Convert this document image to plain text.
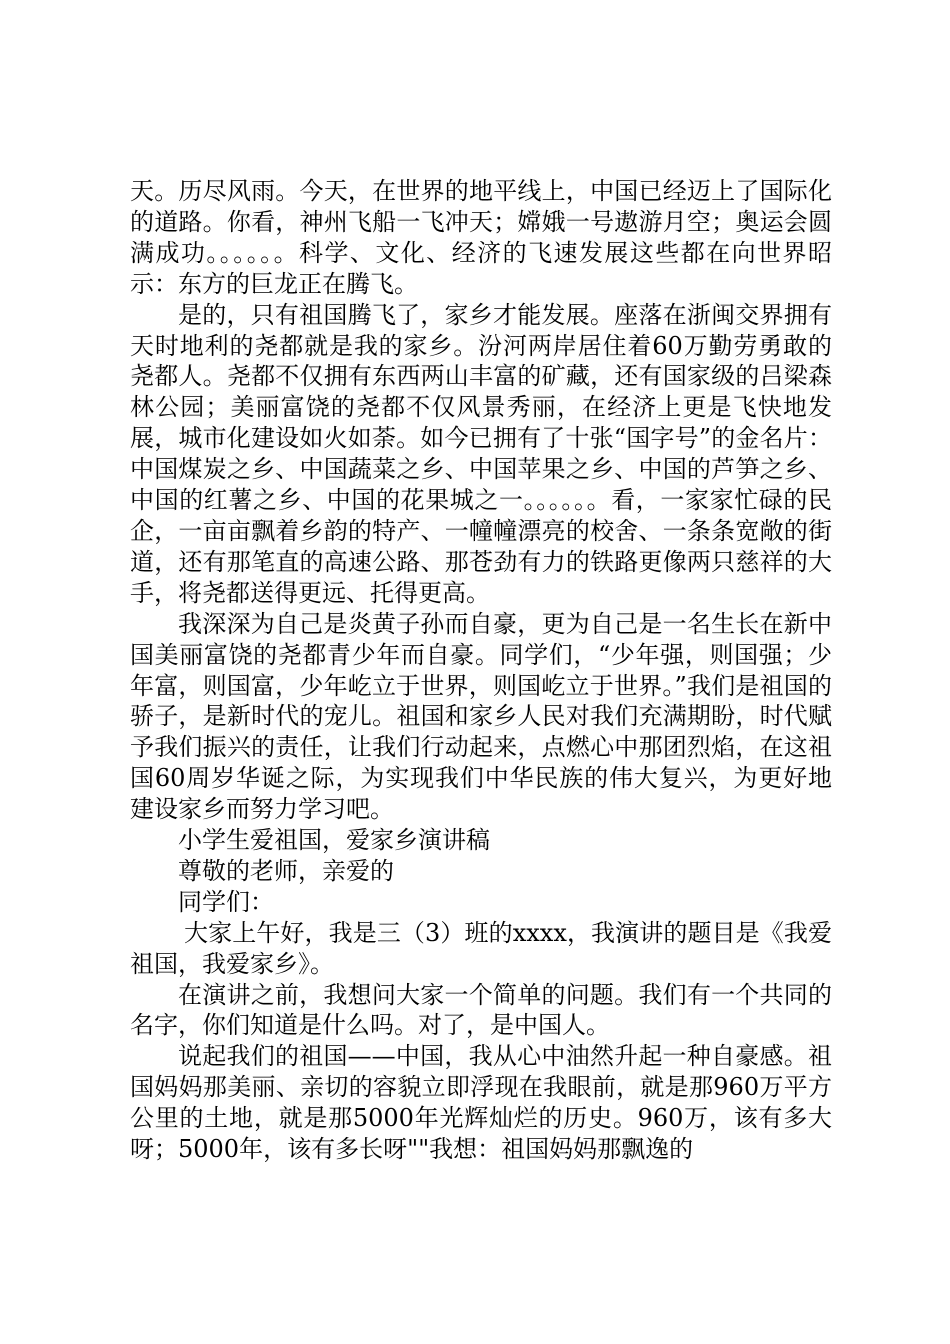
天。历尽风雨。今天，在世界的地平线上，中国已经迈上了国际化的道路。你看，神州飞船一飞冲天；嫦娥一号遨游月空；奥运会圆满成功。。。。。。科学、文化、经济的飞速发展这些都在向世界昭示：东方的巨龙正在腾飞。

是的，只有祖国腾飞了，家乡才能发展。座落在浙闽交界拥有天时地利的尧都就是我的家乡。汾河两岸居住着60万勤劳勇敢的尧都人。尧都不仅拥有东西两山丰富的矿藏，还有国家级的吕梁森林公园；美丽富饶的尧都不仅风景秀丽，在经济上更是飞快地发展，城市化建设如火如荼。如今已拥有了十张“国字号”的金名片：中国煤炭之乡、中国蔬菜之乡、中国苹果之乡、中国的芦笋之乡、中国的红薯之乡、中国的花果城之一。。。。。。看，一家家忙碌的民企，一亩亩飘着乡韵的特产、一幢幢漂亮的校舍、一条条宽敞的街道，还有那笔直的高速公路、那苍劲有力的铁路更像两只慈祥的大手，将尧都送得更远、托得更高。

我深深为自己是炎黄子孙而自豪，更为自己是一名生长在新中国美丽富饶的尧都青少年而自豪。同学们，“少年强，则国强；少年富，则国富，少年屹立于世界，则国屹立于世界。”我们是祖国的骄子，是新时代的宠儿。祖国和家乡人民对我们充满期盼，时代赋予我们振兴的责任，让我们行动起来，点燃心中那团烈焰，在这祖国60周岁华诞之际，为实现我们中华民族的伟大复兴，为更好地建设家乡而努力学习吧。

小学生爱祖国，爱家乡演讲稿

尊敬的老师，亲爱的

同学们：

大家上午好，我是三（3）班的xxxx，我演讲的题目是《我爱祖国，我爱家乡》。

在演讲之前，我想问大家一个简单的问题。我们有一个共同的名字，你们知道是什么吗。对了，是中国人。

说起我们的祖国——中国，我从心中油然升起一种自豪感。祖国妈妈那美丽、亲切的容貌立即浮现在我眼前，就是那960万平方公里的土地，就是那5000年光辉灿烂的历史。960万，该有多大呀；5000年，该有多长呀""我想：祖国妈妈那飘逸的
